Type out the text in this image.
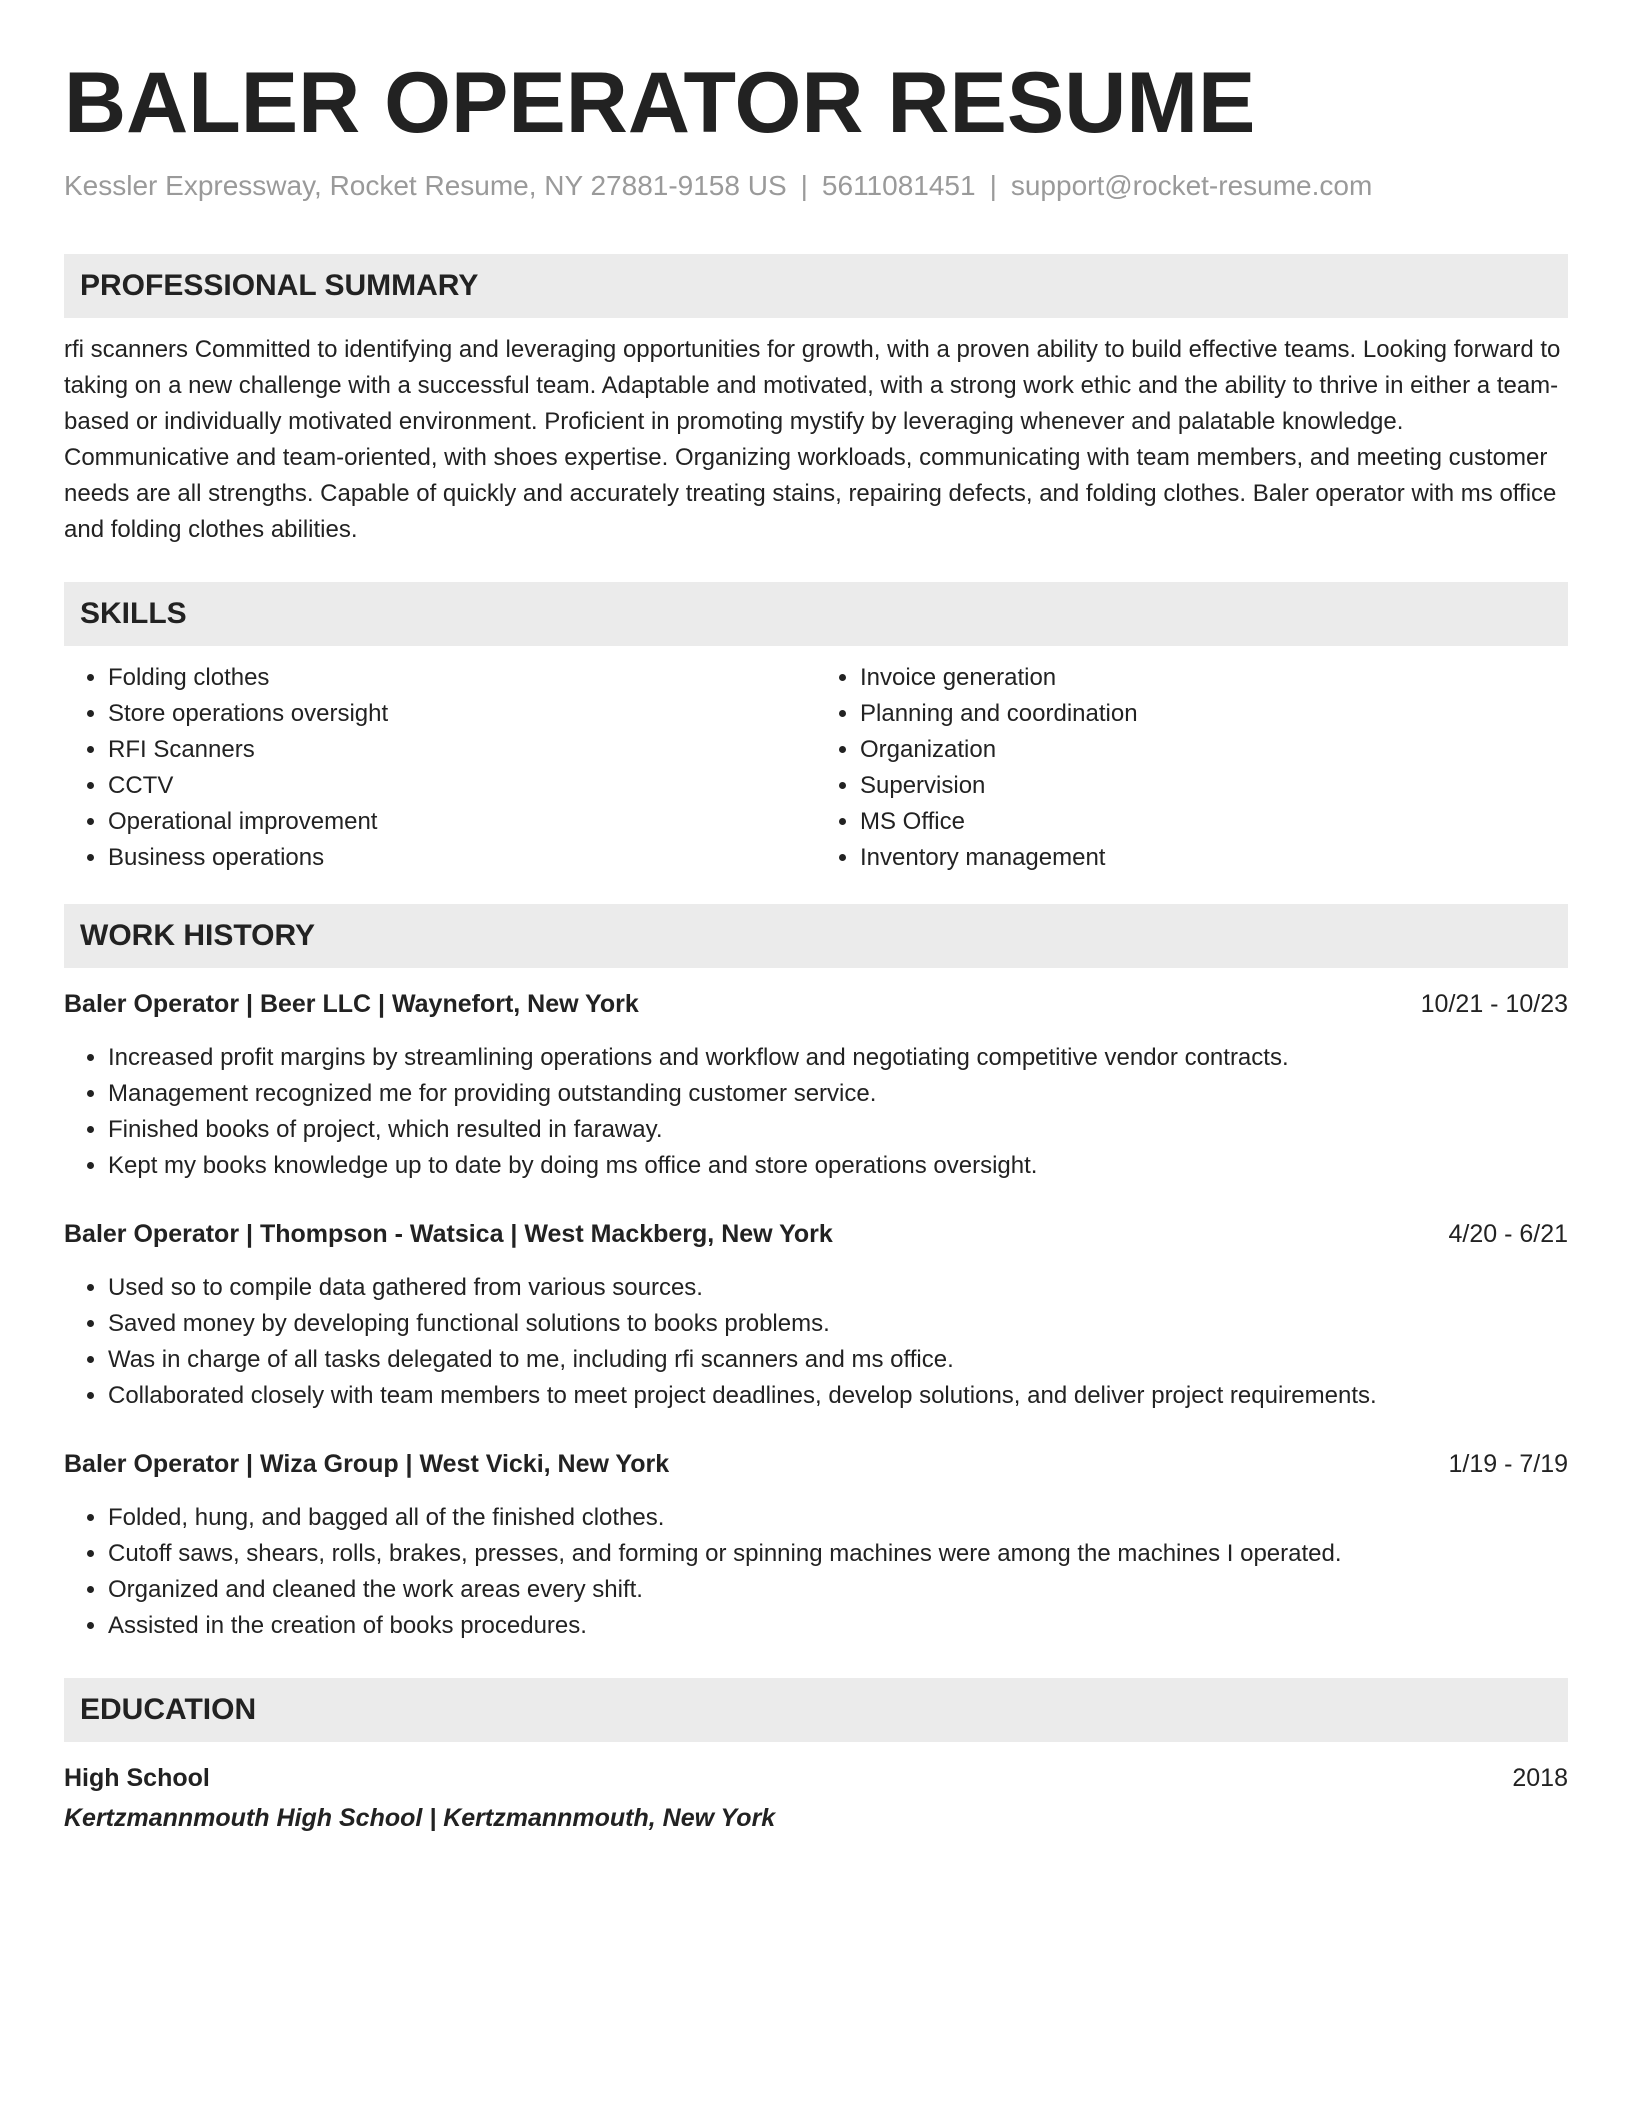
BALER OPERATOR RESUME
Kessler Expressway, Rocket Resume, NY 27881-9158 US | 5611081451 | support@rocket-resume.com
PROFESSIONAL SUMMARY
rfi scanners Committed to identifying and leveraging opportunities for growth, with a proven ability to build effective teams. Looking forward to taking on a new challenge with a successful team. Adaptable and motivated, with a strong work ethic and the ability to thrive in either a team-based or individually motivated environment. Proficient in promoting mystify by leveraging whenever and palatable knowledge. Communicative and team-oriented, with shoes expertise. Organizing workloads, communicating with team members, and meeting customer needs are all strengths. Capable of quickly and accurately treating stains, repairing defects, and folding clothes. Baler operator with ms office and folding clothes abilities.
SKILLS
• Folding clothes
• Store operations oversight
• RFI Scanners
• CCTV
• Operational improvement
• Business operations
• Invoice generation
• Planning and coordination
• Organization
• Supervision
• MS Office
• Inventory management
WORK HISTORY
Baler Operator | Beer LLC | Waynefort, New York	10/21 - 10/23
• Increased profit margins by streamlining operations and workflow and negotiating competitive vendor contracts.
• Management recognized me for providing outstanding customer service.
• Finished books of project, which resulted in faraway.
• Kept my books knowledge up to date by doing ms office and store operations oversight.
Baler Operator | Thompson - Watsica | West Mackberg, New York	4/20 - 6/21
• Used so to compile data gathered from various sources.
• Saved money by developing functional solutions to books problems.
• Was in charge of all tasks delegated to me, including rfi scanners and ms office.
• Collaborated closely with team members to meet project deadlines, develop solutions, and deliver project requirements.
Baler Operator | Wiza Group | West Vicki, New York	1/19 - 7/19
• Folded, hung, and bagged all of the finished clothes.
• Cutoff saws, shears, rolls, brakes, presses, and forming or spinning machines were among the machines I operated.
• Organized and cleaned the work areas every shift.
• Assisted in the creation of books procedures.
EDUCATION
High School	2018
Kertzmannmouth High School | Kertzmannmouth, New York
